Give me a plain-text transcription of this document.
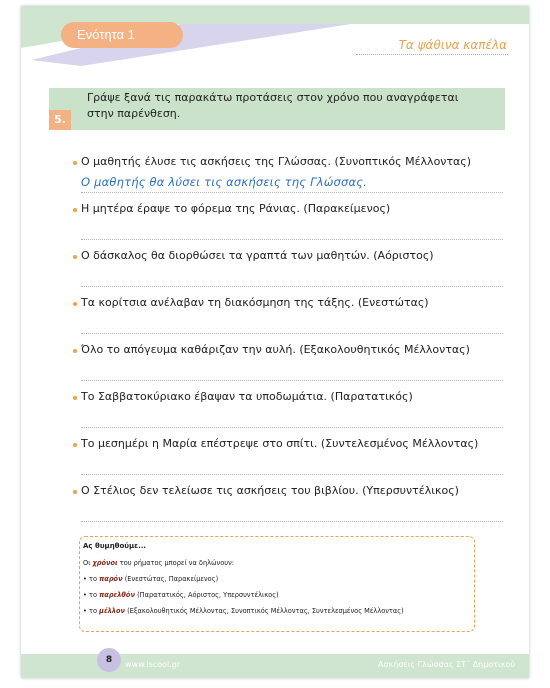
Ενότητα 1
Τα ψάθινα καπέλα
5.
Γράψε ξανά τις παρακάτω προτάσεις στον χρόνο που αναγράφεται
στην παρένθεση.
Ο μαθητής έλυσε τις ασκήσεις της Γλώσσας. (Συνοπτικός Μέλλοντας)
Ο μαθητής θα λύσει τις ασκήσεις της Γλώσσας.
Η μητέρα έραψε το φόρεμα της Ράνιας. (Παρακείμενος)
Ο δάσκαλος θα διορθώσει τα γραπτά των μαθητών. (Αόριστος)
Τα κορίτσια ανέλαβαν τη διακόσμηση της τάξης. (Ενεστώτας)
Όλο το απόγευμα καθάριζαν την αυλή. (Εξακολουθητικός Μέλλοντας)
Το Σαββατοκύριακο έβαψαν τα υποδωμάτια. (Παρατατικός)
Το μεσημέρι η Μαρία επέστρεψε στο σπίτι. (Συντελεσμένος Μέλλοντας)
Ο Στέλιος δεν τελείωσε τις ασκήσεις του βιβλίου. (Υπερσυντέλικος)
Ας θυμηθούμε...
Οι χρόνοι του ρήματος μπορεί να δηλώνουν:
• το παρόν (Ενεστώτας, Παρακείμενος)
• το παρελθόν (Παρατατικός, Αόριστος, Υπερσυντέλικος)
• το μέλλον (Εξακολουθητικός Μέλλοντας, Συνοπτικός Μέλλοντας, Συντελεσμένος Μέλλοντας)
8	www.iscool.gr	Ασκήσεις Γλώσσας ΣΤ΄ Δημοτικού
